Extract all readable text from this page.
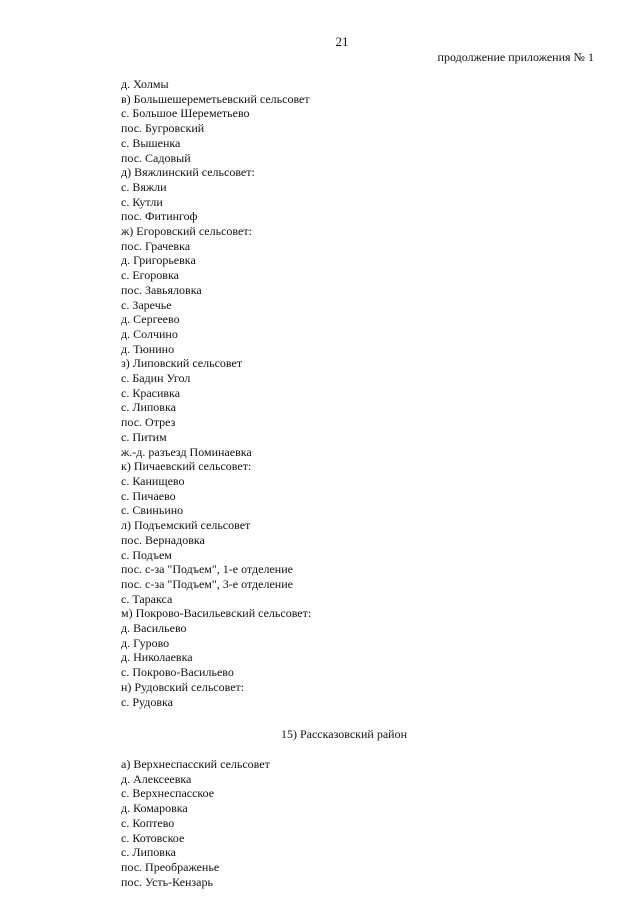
21
продолжение приложения № 1
д. Холмы
в) Большешереметьевский сельсовет
с. Большое Шереметьево
пос. Бугровский
с. Вышенка
пос. Садовый
д) Вяжлинский сельсовет:
с. Вяжли
с. Кутли
пос. Фитингоф
ж) Егоровский сельсовет:
пос. Грачевка
д. Григорьевка
с. Егоровка
пос. Завьяловка
с. Заречье
д. Сергеево
д. Солчино
д. Тюнино
з) Липовский сельсовет
с. Бадин Угол
с. Красивка
с. Липовка
пос. Отрез
с. Питим
ж.-д. разъезд Поминаевка
к) Пичаевский сельсовет:
с. Канищево
с. Пичаево
с. Свиньино
л) Подъемский сельсовет
пос. Вернадовка
с. Подъем
пос. с-за "Подъем", 1-е отделение
пос. с-за "Подъем", 3-е отделение
с. Таракса
м) Покрово-Васильевский сельсовет:
д. Васильево
д. Гурово
д. Николаевка
с. Покрово-Васильево
н) Рудовский сельсовет:
с. Рудовка
15) Рассказовский район
а) Верхнеспасский сельсовет
д. Алексеевка
с. Верхнеспасское
д. Комаровка
с. Коптево
с. Котовское
с. Липовка
пос. Преображенье
пос. Усть-Кензарь
